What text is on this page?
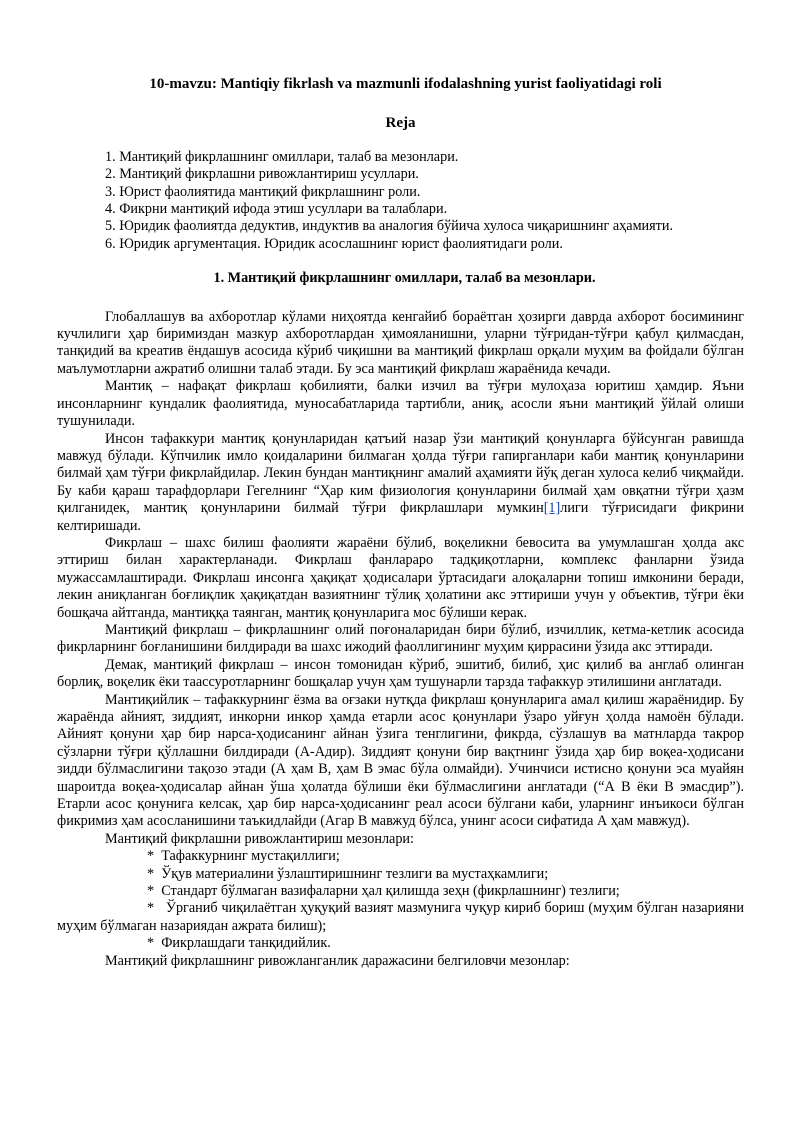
10-mavzu: Mantiqiy fikrlash va mazmunli ifodalashning yurist faoliyatidagi roli

Reja

1. Мантиқий фикрлашнинг омиллари, талаб ва мезонлари.

2. Мантиқий фикрлашни ривожлантириш усуллари.

3. Юрист фаолиятида мантиқий фикрлашнинг роли.

4. Фикрни мантиқий ифода этиш усуллари ва талаблари.

5. Юридик фаолиятда дедуктив, индуктив ва аналогия бўйича хулоса чиқаришнинг аҳамияти.

6. Юридик аргументация. Юридик асослашнинг юрист фаолиятидаги роли.

1. Мантиқий фикрлашнинг омиллари, талаб ва мезонлари.

Глобаллашув ва ахборотлар кўлами ниҳоятда кенгайиб бораётган ҳозирги даврда ахборот босимининг кучлилиги ҳар биримиздан мазкур ахборотлардан ҳимояланишни, уларни тўғридан-тўғри қабул қилмасдан, танқидий ва креатив ёндашув асосида кўриб чиқишни ва мантиқий фикрлаш орқали муҳим ва фойдали бўлган маълумотларни ажратиб олишни талаб этади. Бу эса мантиқий фикрлаш жараёнида кечади.

Мантиқ – нафақат фикрлаш қобилияти, балки изчил ва тўғри мулоҳаза юритиш ҳамдир. Яъни инсонларнинг кундалик фаолиятида, муносабатларида тартибли, аниқ, асосли яъни мантиқий ўйлай олиши тушунилади.

Инсон тафаккури мантиқ қонунларидан қатъий назар ўзи мантиқий қонунларга бўйсунган равишда мавжуд бўлади. Кўпчилик имло қоидаларини билмаган ҳолда тўғри гапирганлари каби мантиқ қонунларини билмай ҳам тўғри фикрлайдилар. Лекин бундан мантиқнинг амалий аҳамияти йўқ деган хулоса келиб чиқмайди. Бу каби қараш тарафдорлари Гегелнинг “Ҳар ким физиология қонунларини билмай ҳам овқатни тўғри ҳазм қилганидек, мантиқ қонунларини билмай тўғри фикрлашлари мумкин[1]лиги тўғрисидаги фикрини келтиришади.

Фикрлаш – шахс билиш фаолияти жараёни бўлиб, воқеликни бевосита ва умумлашган ҳолда акс эттириш билан характерланади. Фикрлаш фанлараро тадқиқотларни, комплекс фанларни ўзида мужассамлаштиради. Фикрлаш инсонга ҳақиқат ҳодисалари ўртасидаги алоқаларни топиш имконини беради, лекин аниқланган боғлиқлик ҳақиқатдан вазиятнинг тўлиқ ҳолатини акс эттириши учун у объектив, тўғри ёки бошқача айтганда, мантиққа таянган, мантиқ қонунларига мос бўлиши керак.

Мантиқий фикрлаш – фикрлашнинг олий поғоналаридан бири бўлиб, изчиллик, кетма-кетлик асосида фикрларнинг боғланишини билдиради ва шахс ижодий фаоллигининг муҳим қиррасини ўзида акс эттиради.

Демак, мантиқий фикрлаш – инсон томонидан кўриб, эшитиб, билиб, ҳис қилиб ва англаб олинган борлиқ, воқелик ёки таассуротларнинг бошқалар учун ҳам тушунарли тарзда тафаккур этилишини англатади.

Мантиқийлик – тафаккурнинг ёзма ва оғзаки нутқда фикрлаш қонунларига амал қилиш жараёнидир. Бу жараёнда айният, зиддият, инкорни инкор ҳамда етарли асос қонунлари ўзаро уйғун ҳолда намоён бўлади. Айният қонуни ҳар бир нарса-ҳодисанинг айнан ўзига тенглигини, фикрда, сўзлашув ва матнларда такрор сўзларни тўғри қўллашни билдиради (А-Адир). Зиддият қонуни бир вақтнинг ўзида ҳар бир воқеа-ҳодисани зидди бўлмаслигини тақозо этади (А ҳам В, ҳам В эмас бўла олмайди). Учинчиси истисно қонуни эса муайян шароитда воқеа-ҳодисалар айнан ўша ҳолатда бўлиши ёки бўлмаслигини англатади (“А В ёки В эмасдир”). Етарли асос қонунига келсак, ҳар бир нарса-ҳодисанинг реал асоси бўлгани каби, уларнинг инъикоси бўлган фикримиз ҳам асосланишини таъкидлайди (Агар В мавжуд бўлса, унинг асоси сифатида А ҳам мавжуд).

Мантиқий фикрлашни ривожлантириш мезонлари:

* Тафаккурнинг мустақиллиги;

* Ўқув материалини ўзлаштиришнинг тезлиги ва мустаҳкамлиги;

* Стандарт бўлмаган вазифаларни ҳал қилишда зеҳн (фикрлашнинг) тезлиги;

*   Ўрганиб чиқилаётган ҳуқуқий вазият мазмунига чуқур кириб бориш (муҳим бўлган назарияни муҳим бўлмаган назариядан ажрата билиш);

* Фикрлашдаги танқидийлик.

Мантиқий фикрлашнинг ривожланганлик даражасини белгиловчи мезонлар:
